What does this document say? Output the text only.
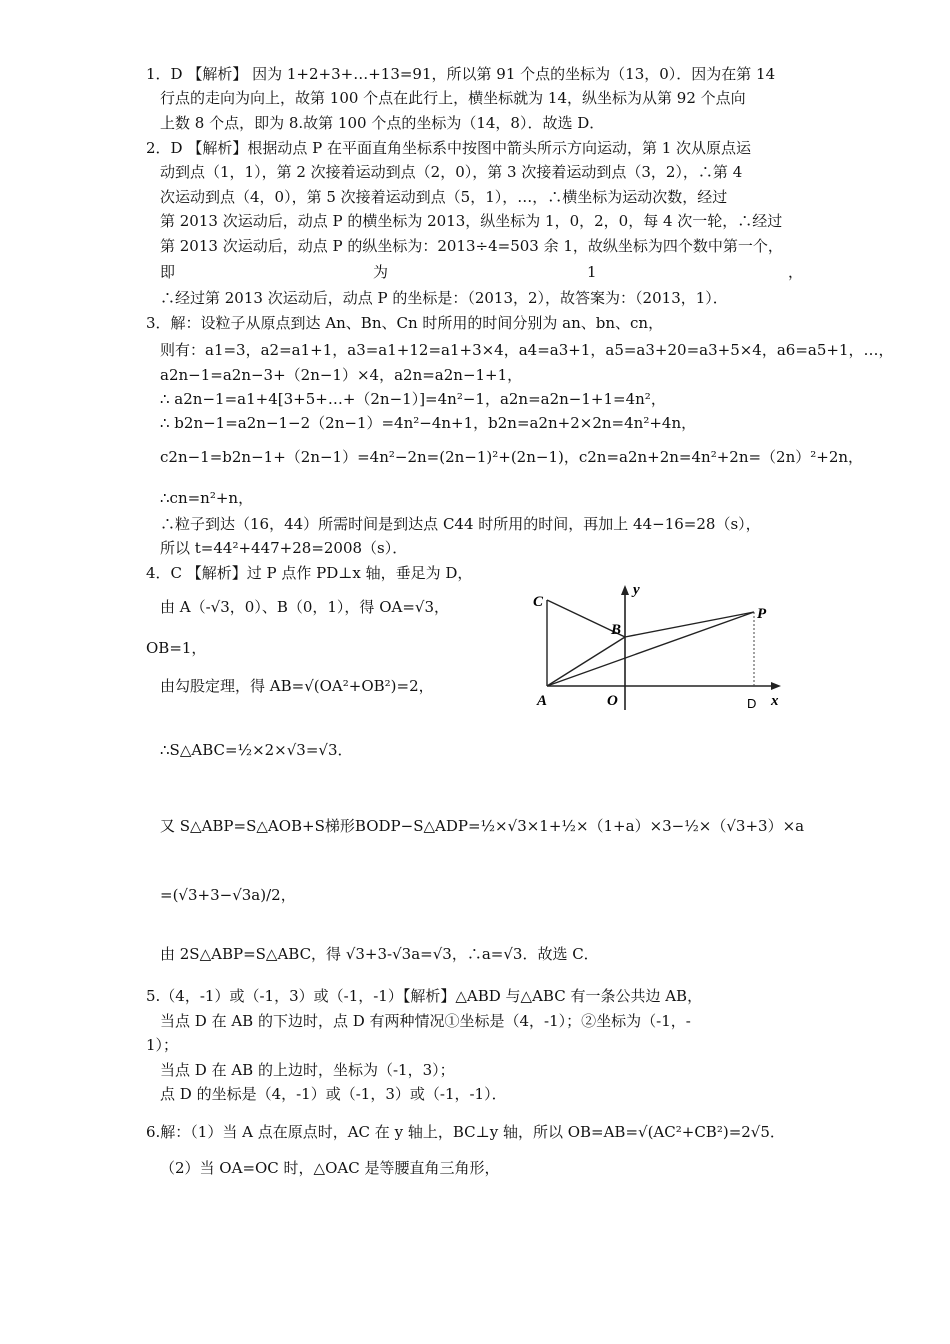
1．D 【解析】 因为 1+2+3+…+13=91，所以第 91 个点的坐标为（13，0）．因为在第 14
行点的走向为向上，故第 100 个点在此行上，横坐标就为 14，纵坐标为从第 92 个点向
上数 8 个点，即为 8.故第 100 个点的坐标为（14，8）．故选 D．
2．D 【解析】根据动点 P 在平面直角坐标系中按图中箭头所示方向运动，第 1 次从原点运
动到点（1，1），第 2 次接着运动到点（2，0），第 3 次接着运动到点（3，2），∴第 4
次运动到点（4，0），第 5 次接着运动到点（5，1），…，∴横坐标为运动次数，经过
第 2013 次运动后，动点 P 的横坐标为 2013，纵坐标为 1，0，2，0，每 4 次一轮，∴经过
第 2013 次运动后，动点 P 的纵坐标为：2013÷4=503 余 1，故纵坐标为四个数中第一个，
即	为	1	，
∴经过第 2013 次运动后，动点 P 的坐标是：（2013，2），故答案为：（2013，1）．
3．解：设粒子从原点到达 An、Bn、Cn 时所用的时间分别为 an、bn、cn，
则有：a1=3，a2=a1+1，a3=a1+12=a1+3×4，a4=a3+1，a5=a3+20=a3+5×4，a6=a5+1，…，
a2n−1=a2n−3+（2n−1）×4，a2n=a2n−1+1，
∴ a2n−1=a1+4[3+5+…+（2n−1）]=4n²−1，a2n=a2n−1+1=4n²，
∴ b2n−1=a2n−1−2（2n−1）=4n²−4n+1，b2n=a2n+2×2n=4n²+4n，
c2n−1=b2n−1+（2n−1）=4n²−2n=(2n−1)²+(2n−1)，c2n=a2n+2n=4n²+2n=（2n）²+2n，
∴cn=n²+n，
∴粒子到达（16，44）所需时间是到达点 C44 时所用的时间，再加上 44−16=28（s），
所以 t=44²+447+28=2008（s）．
4．C 【解析】过 P 点作 PD⊥x 轴，垂足为 D，
由 A（-√3，0）、B（0，1），得 OA=√3，
OB=1，
由勾股定理，得 AB=√(OA²+OB²)=2，
∴S△ABC=½×2×√3=√3．
又 S△ABP=S△AOB+S梯形BODP−S△ADP=½×√3×1+½×（1+a）×3−½×（√3+3）×a
=(√3+3−√3a)/2，
由 2S△ABP=S△ABC，得 √3+3-√3a=√3，∴a=√3．故选 C．
5.（4，-1）或（-1，3）或（-1，-1）【解析】△ABD 与△ABC 有一条公共边 AB，
当点 D 在 AB 的下边时，点 D 有两种情况①坐标是（4，-1）；②坐标为（-1，-
1）；
当点 D 在 AB 的上边时，坐标为（-1，3）；
点 D 的坐标是（4，-1）或（-1，3）或（-1，-1）．
6.解：（1）当 A 点在原点时，AC 在 y 轴上，BC⊥y 轴，所以 OB=AB=√(AC²+CB²)=2√5．
（2）当 OA=OC 时，△OAC 是等腰直角三角形，
C
y
B
P
A	O	D x
